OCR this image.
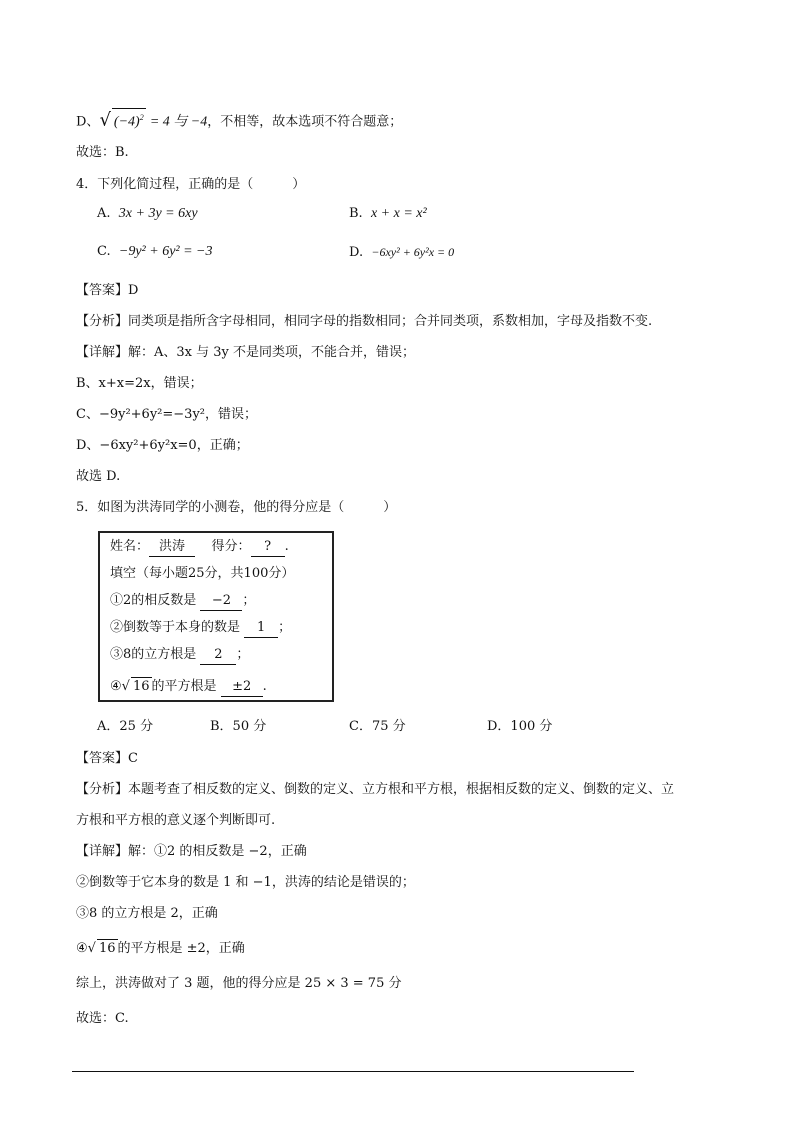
D、√ $(-4)^2 = 4$ 与 −4，不相等，故本选项不符合题意；
故选：B.
4．下列化简过程，正确的是（　　　）
A. 3x + 3y = 6xy	B. x + x = x²
C. −9y² + 6y² = −3	D. −6xy² + 6y²x = 0
【答案】D
【分析】同类项是指所含字母相同，相同字母的指数相同；合并同类项，系数相加，字母及指数不变.
【详解】解：A、3x 与 3y 不是同类项，不能合并，错误；
B、x+x=2x，错误；
C、−9y²+6y²=−3y²，错误；
D、−6xy²+6y²x=0，正确；
故选 D.
5．如图为洪涛同学的小测卷，他的得分应是（　　　）
姓名： 洪涛 得分： ? .
填空（每小题25分，共100分）
①2的相反数是 −2 ；
②倒数等于本身的数是 1 ；
③8的立方根是 2 ；
④√ 16 的平方根是 ±2 .
A．25 分	B．50 分	C．75 分	D．100 分
【答案】C
【分析】本题考查了相反数的定义、倒数的定义、立方根和平方根，根据相反数的定义、倒数的定义、立
方根和平方根的意义逐个判断即可.
【详解】解：①2 的相反数是 −2，正确
②倒数等于它本身的数是 1 和 −1，洪涛的结论是错误的；
③8 的立方根是 2，正确
④√ 16 的平方根是 ±2，正确
综上，洪涛做对了 3 题，他的得分应是 25 × 3 = 75 分
故选：C.
